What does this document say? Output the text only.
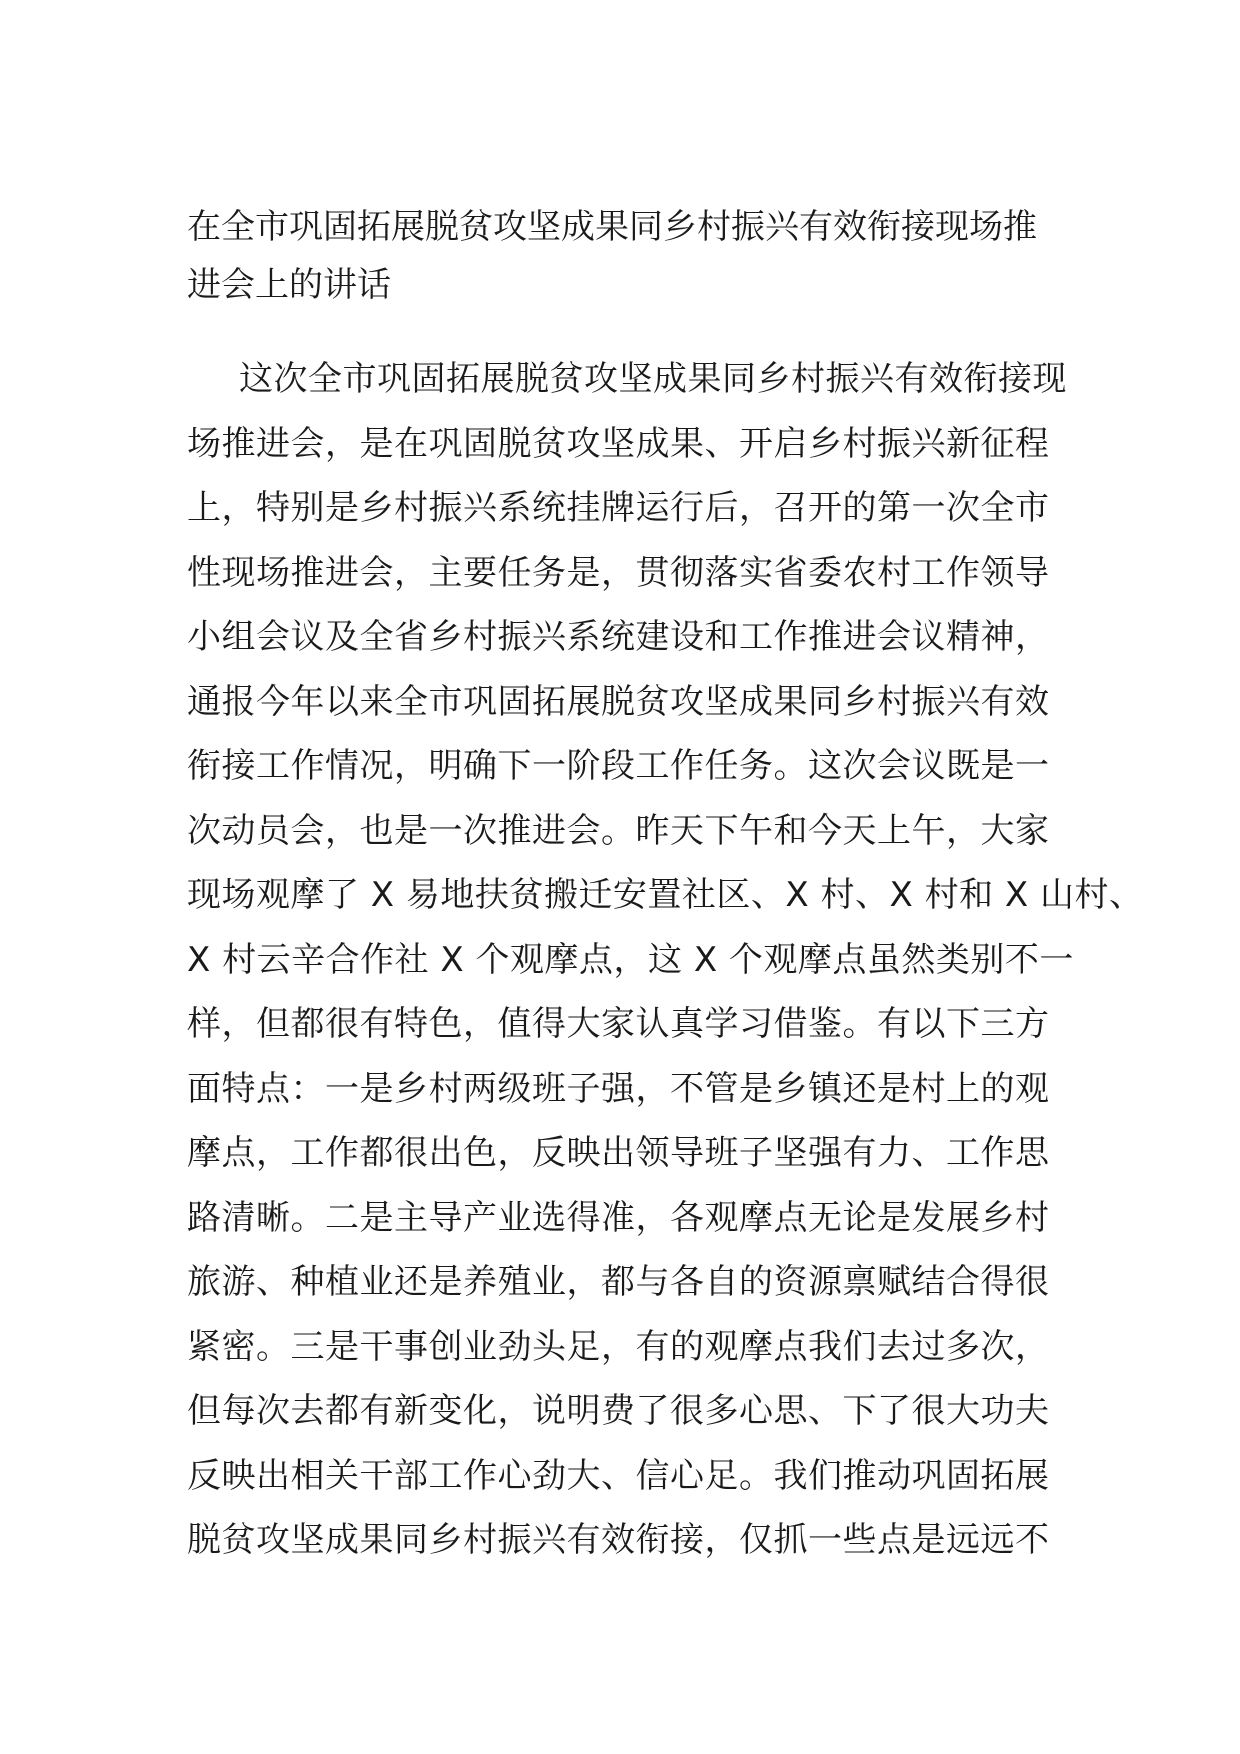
在全市巩固拓展脱贫攻坚成果同乡村振兴有效衔接现场推
进会上的讲话
这次全市巩固拓展脱贫攻坚成果同乡村振兴有效衔接现
场推进会，是在巩固脱贫攻坚成果、开启乡村振兴新征程
上，特别是乡村振兴系统挂牌运行后，召开的第一次全市
性现场推进会，主要任务是，贯彻落实省委农村工作领导
小组会议及全省乡村振兴系统建设和工作推进会议精神，
通报今年以来全市巩固拓展脱贫攻坚成果同乡村振兴有效
衔接工作情况，明确下一阶段工作任务。这次会议既是一
次动员会，也是一次推进会。昨天下午和今天上午，大家
现场观摩了 X 易地扶贫搬迁安置社区、X 村、X 村和 X 山村、
X 村云辛合作社 X 个观摩点，这 X 个观摩点虽然类别不一
样，但都很有特色，值得大家认真学习借鉴。有以下三方
面特点：一是乡村两级班子强，不管是乡镇还是村上的观
摩点，工作都很出色，反映出领导班子坚强有力、工作思
路清晰。二是主导产业选得准，各观摩点无论是发展乡村
旅游、种植业还是养殖业，都与各自的资源禀赋结合得很
紧密。三是干事创业劲头足，有的观摩点我们去过多次，
但每次去都有新变化，说明费了很多心思、下了很大功夫
反映出相关干部工作心劲大、信心足。我们推动巩固拓展
脱贫攻坚成果同乡村振兴有效衔接，仅抓一些点是远远不
